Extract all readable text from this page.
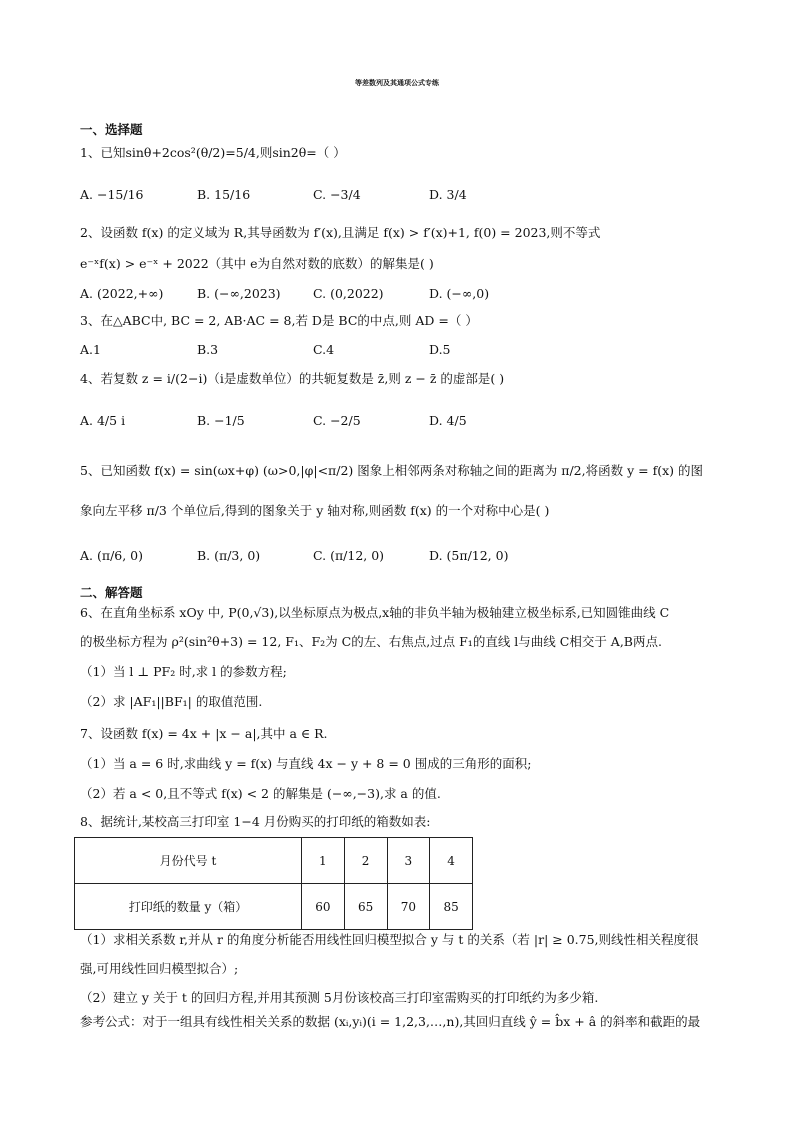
等差数列及其通项公式专练
一、选择题
1、已知sinθ+2cos²(θ/2)=5/4,则sin2θ=（ ）
A. −15/16	B. 15/16	C. −3/4	D. 3/4
2、设函数 f(x) 的定义域为 R,其导函数为 f′(x),且满足 f(x) > f′(x)+1, f(0) = 2023,则不等式
e⁻ˣf(x) > e⁻ˣ + 2022（其中 e为自然对数的底数）的解集是( )
A. (2022,+∞)	B. (−∞,2023)	C. (0,2022)	D. (−∞,0)
3、在△ABC中, BC = 2, AB·AC = 8,若 D是 BC的中点,则 AD =（ ）
A.1	B.3	C.4	D.5
4、若复数 z = i/(2−i)（i是虚数单位）的共轭复数是 z̄,则 z − z̄ 的虚部是( )
A. 4/5 i	B. −1/5	C. −2/5	D. 4/5
5、已知函数 f(x) = sin(ωx+φ) (ω>0,|φ|<π/2) 图象上相邻两条对称轴之间的距离为 π/2,将函数 y = f(x) 的图
象向左平移 π/3 个单位后,得到的图象关于 y 轴对称,则函数 f(x) 的一个对称中心是( )
A. (π/6, 0)	B. (π/3, 0)	C. (π/12, 0)	D. (5π/12, 0)
二、解答题
6、在直角坐标系 xOy 中, P(0,√3),以坐标原点为极点,x轴的非负半轴为极轴建立极坐标系,已知圆锥曲线 C
的极坐标方程为 ρ²(sin²θ+3) = 12, F₁、F₂为 C的左、右焦点,过点 F₁的直线 l与曲线 C相交于 A,B两点.
（1）当 l ⊥ PF₂ 时,求 l 的参数方程;
（2）求 |AF₁||BF₁| 的取值范围.
7、设函数 f(x) = 4x + |x − a|,其中 a ∈ R.
（1）当 a = 6 时,求曲线 y = f(x) 与直线 4x − y + 8 = 0 围成的三角形的面积;
（2）若 a < 0,且不等式 f(x) < 2 的解集是 (−∞,−3),求 a 的值.
8、据统计,某校高三打印室 1−4 月份购买的打印纸的箱数如表:
月份代号 t	1	2	3	4
打印纸的数量 y（箱）	60	65	70	85
（1）求相关系数 r,并从 r 的角度分析能否用线性回归模型拟合 y 与 t 的关系（若 |r| ≥ 0.75,则线性相关程度很
强,可用线性回归模型拟合）;
（2）建立 y 关于 t 的回归方程,并用其预测 5月份该校高三打印室需购买的打印纸约为多少箱.
参考公式：对于一组具有线性相关关系的数据 (xᵢ,yᵢ)(i = 1,2,3,…,n),其回归直线 ŷ = b̂x + â 的斜率和截距的最
